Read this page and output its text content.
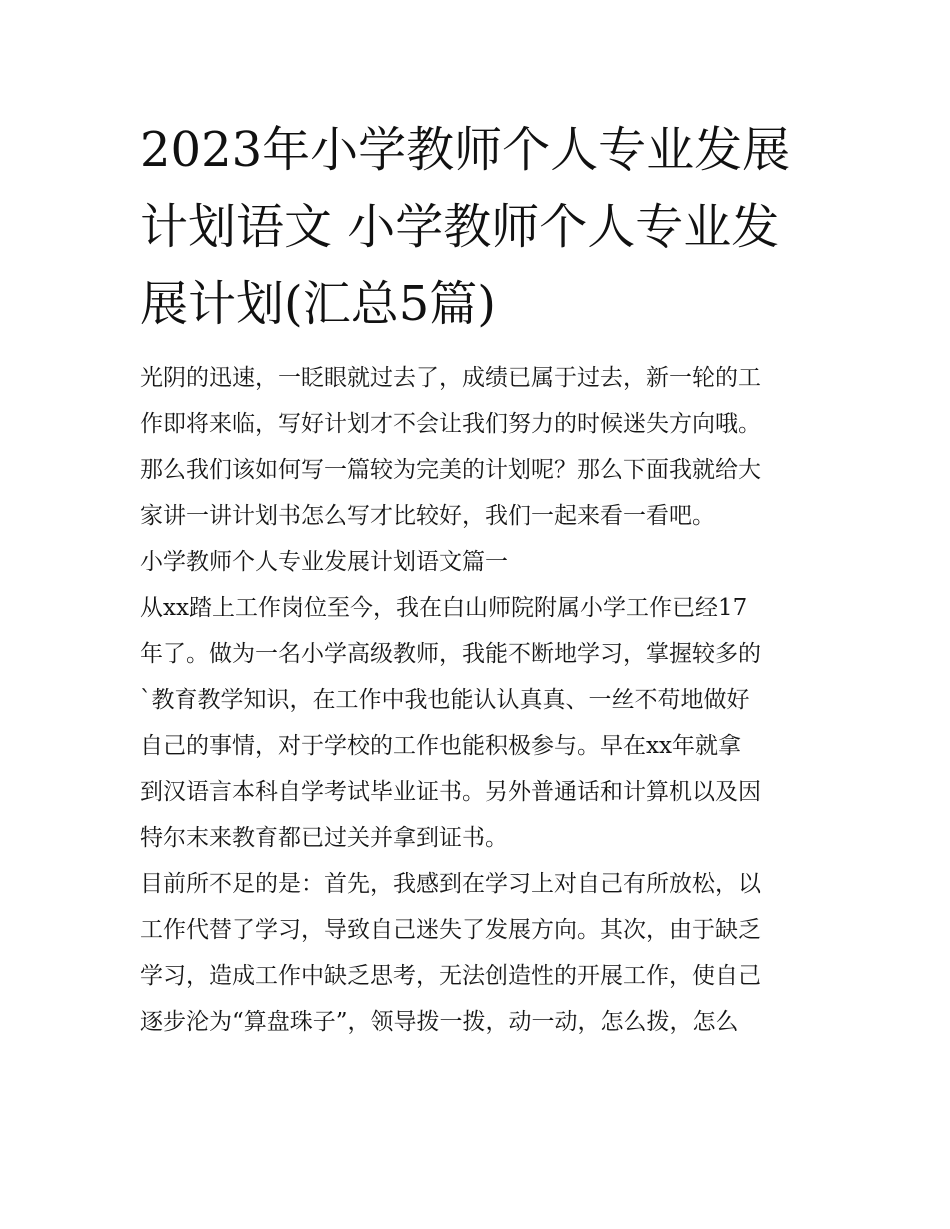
2023年小学教师个人专业发展
计划语文 小学教师个人专业发
展计划(汇总5篇)
光阴的迅速，一眨眼就过去了，成绩已属于过去，新一轮的工
作即将来临，写好计划才不会让我们努力的时候迷失方向哦。
那么我们该如何写一篇较为完美的计划呢？那么下面我就给大
家讲一讲计划书怎么写才比较好，我们一起来看一看吧。
小学教师个人专业发展计划语文篇一
从xx踏上工作岗位至今，我在白山师院附属小学工作已经17
年了。做为一名小学高级教师，我能不断地学习，掌握较多的
`教育教学知识，在工作中我也能认认真真、一丝不苟地做好
自己的事情，对于学校的工作也能积极参与。早在xx年就拿
到汉语言本科自学考试毕业证书。另外普通话和计算机以及因
特尔末来教育都已过关并拿到证书。
目前所不足的是：首先，我感到在学习上对自己有所放松，以
工作代替了学习，导致自己迷失了发展方向。其次，由于缺乏
学习，造成工作中缺乏思考，无法创造性的开展工作，使自己
逐步沦为“算盘珠子”，领导拨一拨，动一动，怎么拨，怎么
